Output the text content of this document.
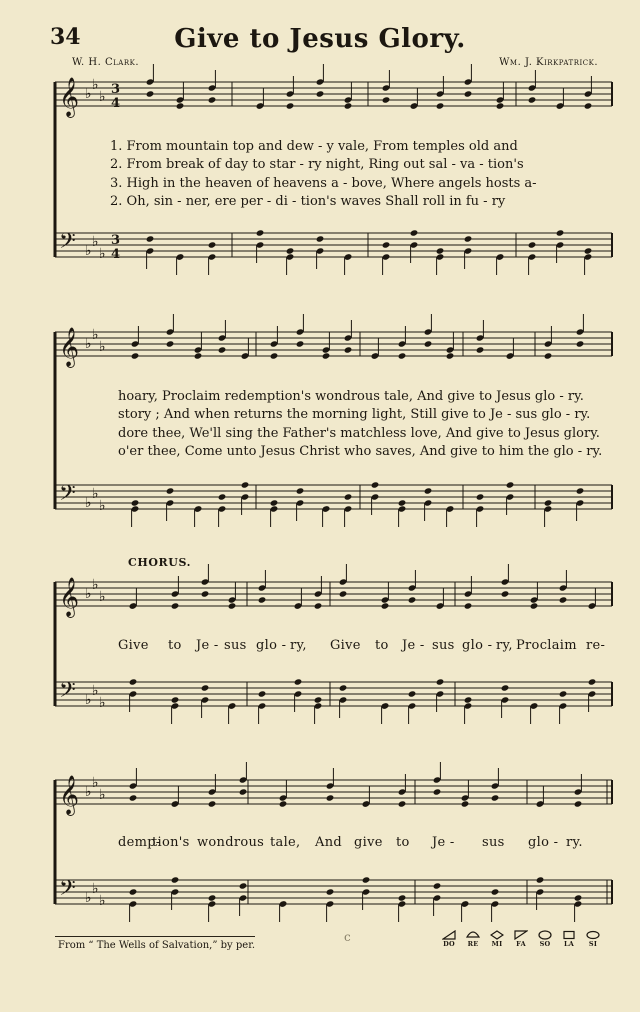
34	Give to Jesus Glory.
W. H. Clark.	Wm. J. Kirkpatrick.
𝄞 ♭
♭
♭ 3
4
𝄢 ♭
♭
♭
3
4
𝄞 ♭
♭
♭
𝄢 ♭
♭
♭
𝄞 ♭
♭
♭
𝄢 ♭
♭
♭
𝄞 ♭
♭
♭
𝄢 ♭
♭
♭
1. From mountain top and dew - y vale, From temples old and
2. From break of day to star - ry night, Ring out sal - va - tion's
3. High in the heaven of heavens a - bove, Where angels hosts a-
2. Oh, sin - ner, ere per - di - tion's waves Shall roll in fu - ry
hoary, Proclaim redemption's wondrous tale, And give to Jesus glo - ry.
story ; And when returns the morning light, Still give to Je - sus glo - ry.
dore thee, We'll sing the Father's matchless love, And give to Jesus glory.
o'er thee, Come unto Jesus Christ who saves, And give to him the glo - ry.
CHORUS.
Give to Je - sus glo - ry, Give to Je - sus glo - ry, Proclaim re-
demp-
tion's wondrous tale, And give to Je - sus glo - ry.
From “ The Wells of Salvation,” by per.
c	DO RE MI FA SO LA SI
